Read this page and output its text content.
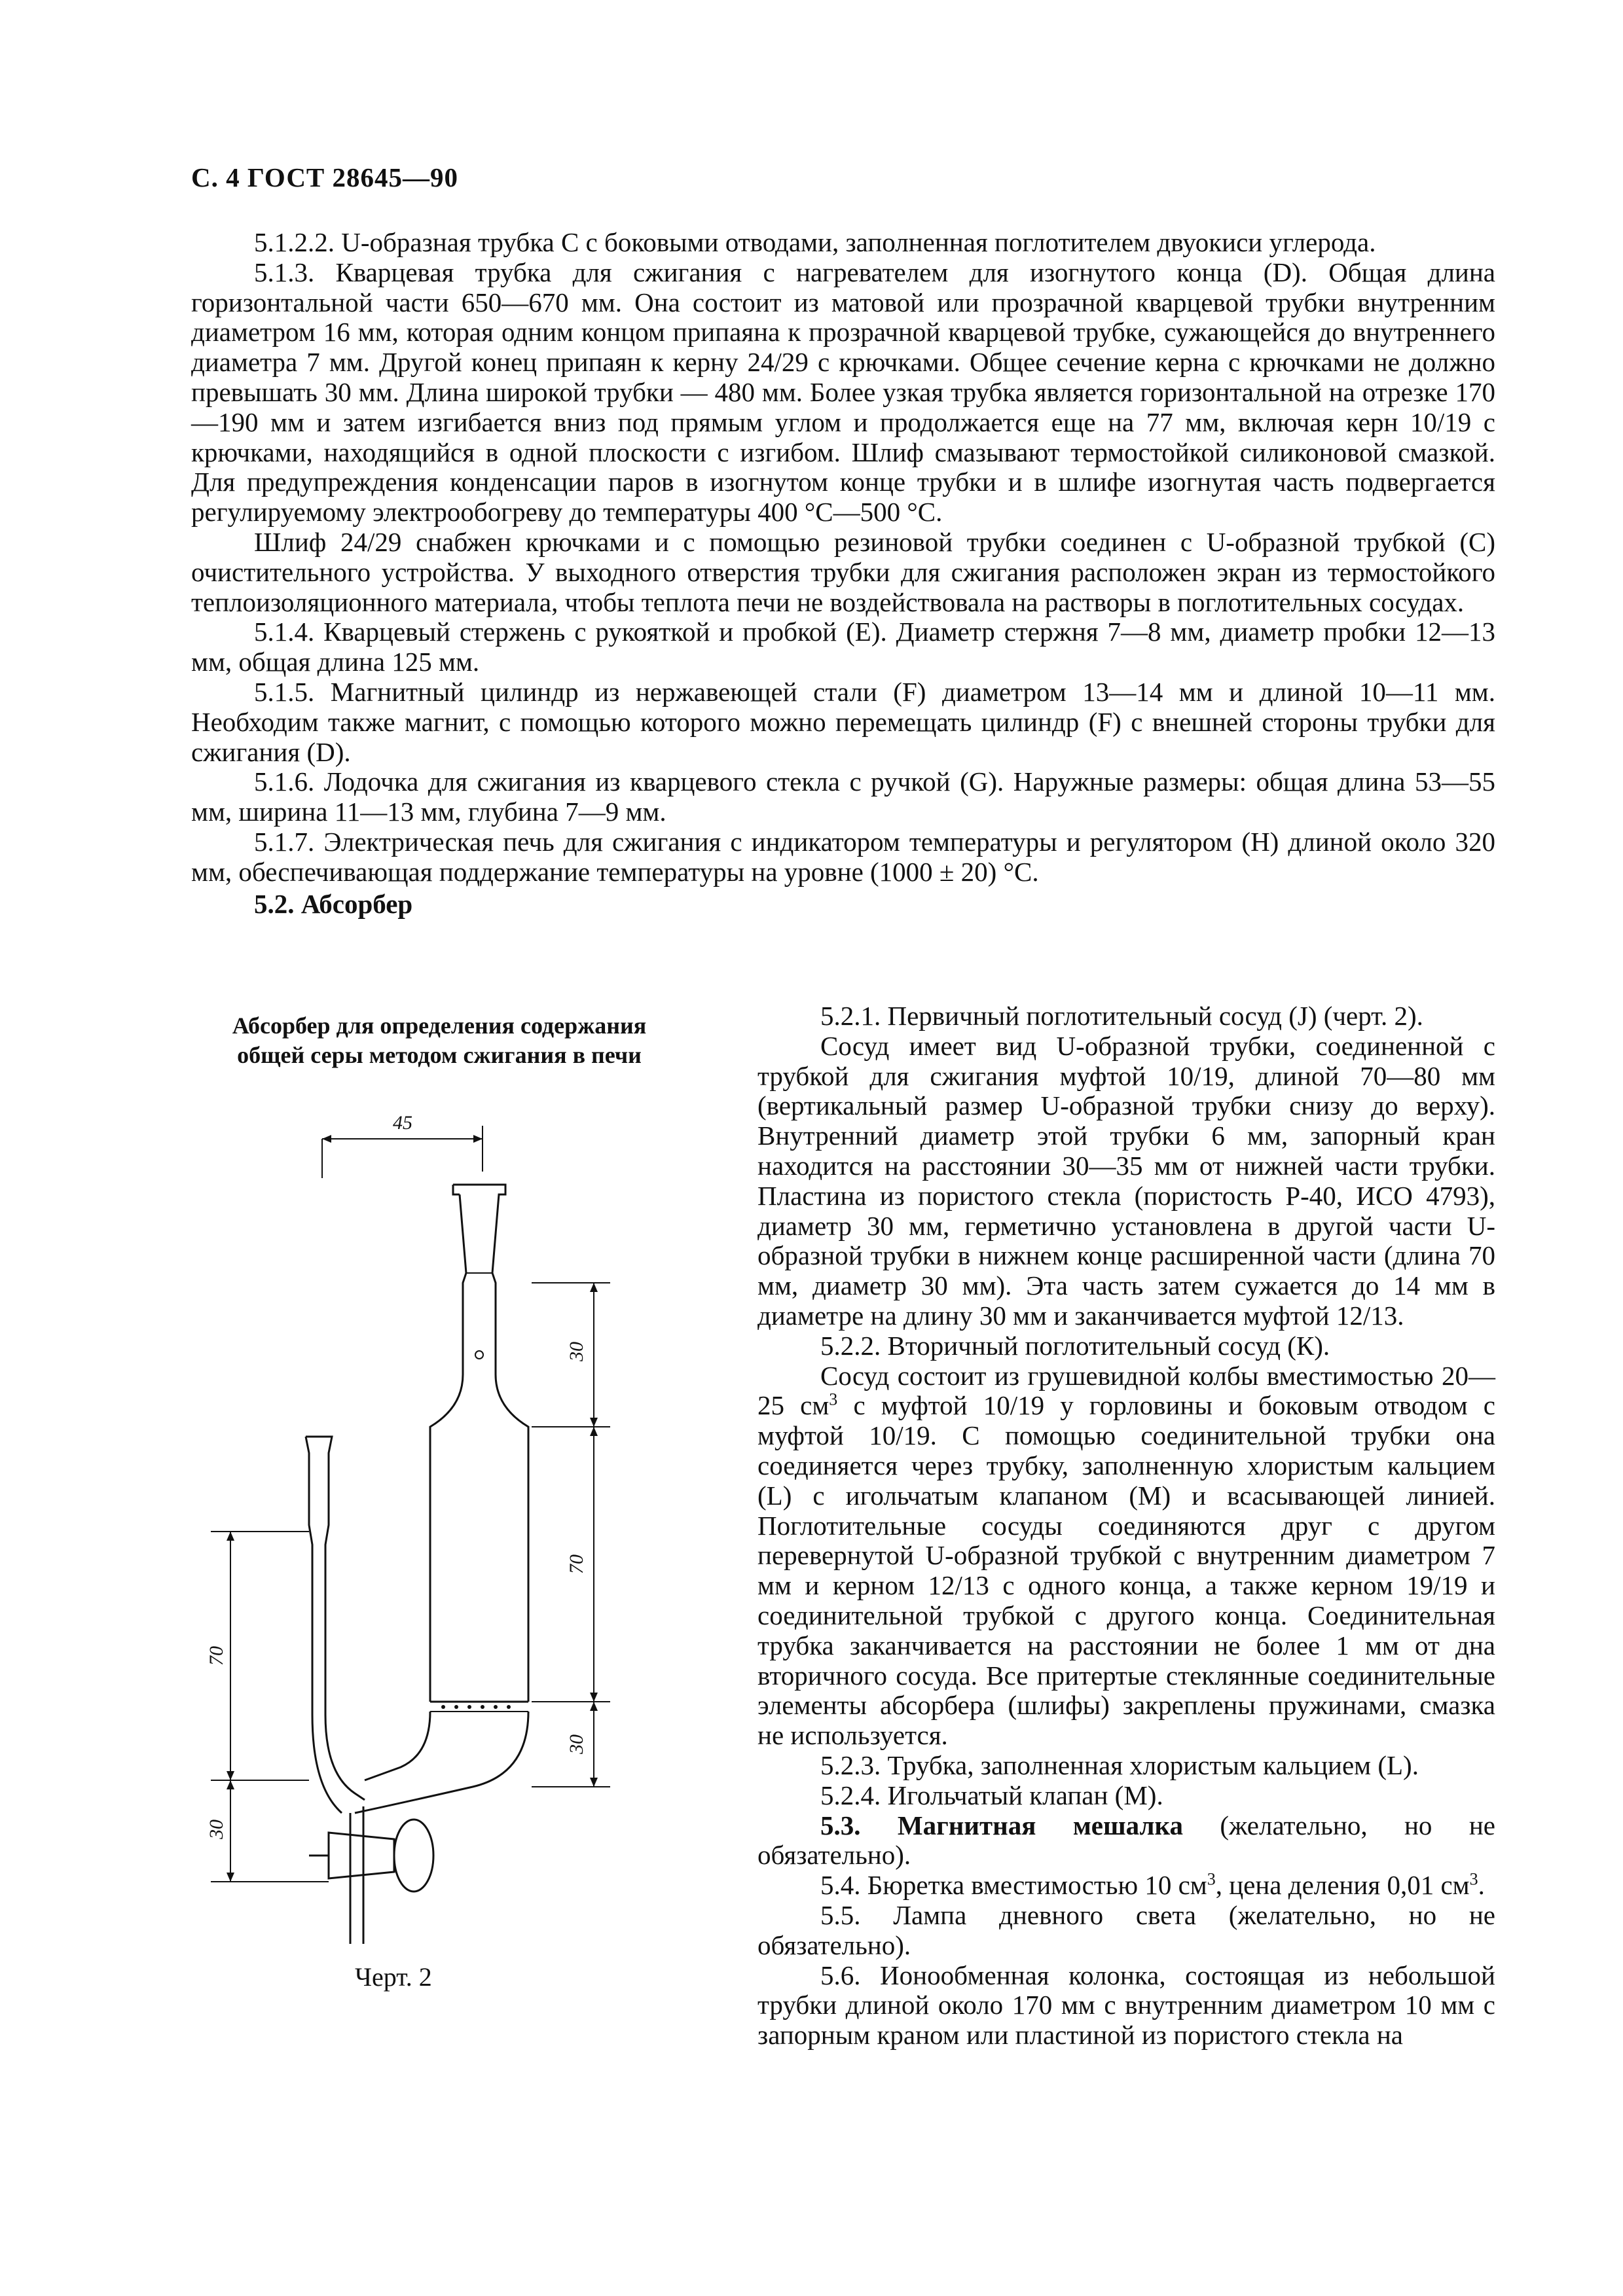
С. 4 ГОСТ 28645—90

5.1.2.2. U-образная трубка С с боковыми отводами, заполненная поглотителем двуокиси углерода.

5.1.3. Кварцевая трубка для сжигания с нагревателем для изогнутого конца (D). Общая длина горизонтальной части 650—670 мм. Она состоит из матовой или прозрачной кварцевой трубки внутренним диаметром 16 мм, которая одним концом припаяна к прозрачной кварцевой трубке, сужающейся до внутреннего диаметра 7 мм. Другой конец припаян к керну 24/29 с крючками. Общее сечение керна с крючками не должно превышать 30 мм. Длина широкой трубки — 480 мм. Более узкая трубка является горизонтальной на отрезке 170—190 мм и затем изгибается вниз под прямым углом и продолжается еще на 77 мм, включая керн 10/19 с крючками, находящийся в одной плоскости с изгибом. Шлиф смазывают термостойкой силиконовой смазкой. Для предупреждения конденсации паров в изогнутом конце трубки и в шлифе изогнутая часть подвергается регулируемому электрообогреву до температуры 400 °С—500 °С.

Шлиф 24/29 снабжен крючками и с помощью резиновой трубки соединен с U-образной трубкой (С) очистительного устройства. У выходного отверстия трубки для сжигания расположен экран из термостойкого теплоизоляционного материала, чтобы теплота печи не воздействовала на растворы в поглотительных сосудах.

5.1.4. Кварцевый стержень с рукояткой и пробкой (Е). Диаметр стержня 7—8 мм, диаметр пробки 12—13 мм, общая длина 125 мм.

5.1.5. Магнитный цилиндр из нержавеющей стали (F) диаметром 13—14 мм и длиной 10—11 мм. Необходим также магнит, с помощью которого можно перемещать цилиндр (F) с внешней стороны трубки для сжигания (D).

5.1.6. Лодочка для сжигания из кварцевого стекла с ручкой (G). Наружные размеры: общая длина 53—55 мм, ширина 11—13 мм, глубина 7—9 мм.

5.1.7. Электрическая печь для сжигания с индикатором температуры и регулятором (Н) длиной около 320 мм, обеспечивающая поддержание температуры на уровне (1000 ± 20) °С.

5.2. Абсорбер

Абсорбер для определения содержания

общей серы методом сжигания в печи

45
30
70
30
70
30
Черт. 2

5.2.1. Первичный поглотительный сосуд (J) (черт. 2).

Сосуд имеет вид U-образной трубки, соединенной с трубкой для сжигания муфтой 10/19, длиной 70—80 мм (вертикальный размер U-образной трубки снизу до верху). Внутренний диаметр этой трубки 6 мм, запорный кран находится на расстоянии 30—35 мм от нижней части трубки. Пластина из пористого стекла (пористость Р-40, ИСО 4793), диаметр 30 мм, герметично установлена в другой части U-образной трубки в нижнем конце расширенной части (длина 70 мм, диаметр 30 мм). Эта часть затем сужается до 14 мм в диаметре на длину 30 мм и заканчивается муфтой 12/13.

5.2.2. Вторичный поглотительный сосуд (К).

Сосуд состоит из грушевидной колбы вместимостью 20—25 $см^3$ с муфтой 10/19 у горловины и боковым отводом с муфтой 10/19. С помощью соединительной трубки она соединяется через трубку, заполненную хлористым кальцием (L) с игольчатым клапаном (М) и всасывающей линией. Поглотительные сосуды соединяются друг с другом перевернутой U-образной трубкой с внутренним диаметром 7 мм и керном 12/13 с одного конца, а также керном 19/19 и соединительной трубкой с другого конца. Соединительная трубка заканчивается на расстоянии не более 1 мм от дна вторичного сосуда. Все притертые стеклянные соединительные элементы абсорбера (шлифы) закреплены пружинами, смазка не используется.

5.2.3. Трубка, заполненная хлористым кальцием (L).

5.2.4. Игольчатый клапан (М).

5.3. Магнитная мешалка (желательно, но не обязательно).

5.4. Бюретка вместимостью 10 $см^3$, цена деления 0,01 $см^3$.

5.5. Лампа дневного света (желательно, но не обязательно).

5.6. Ионообменная колонка, состоящая из небольшой трубки длиной около 170 мм с внутренним диаметром 10 мм с запорным краном или пластиной из пористого стекла на
